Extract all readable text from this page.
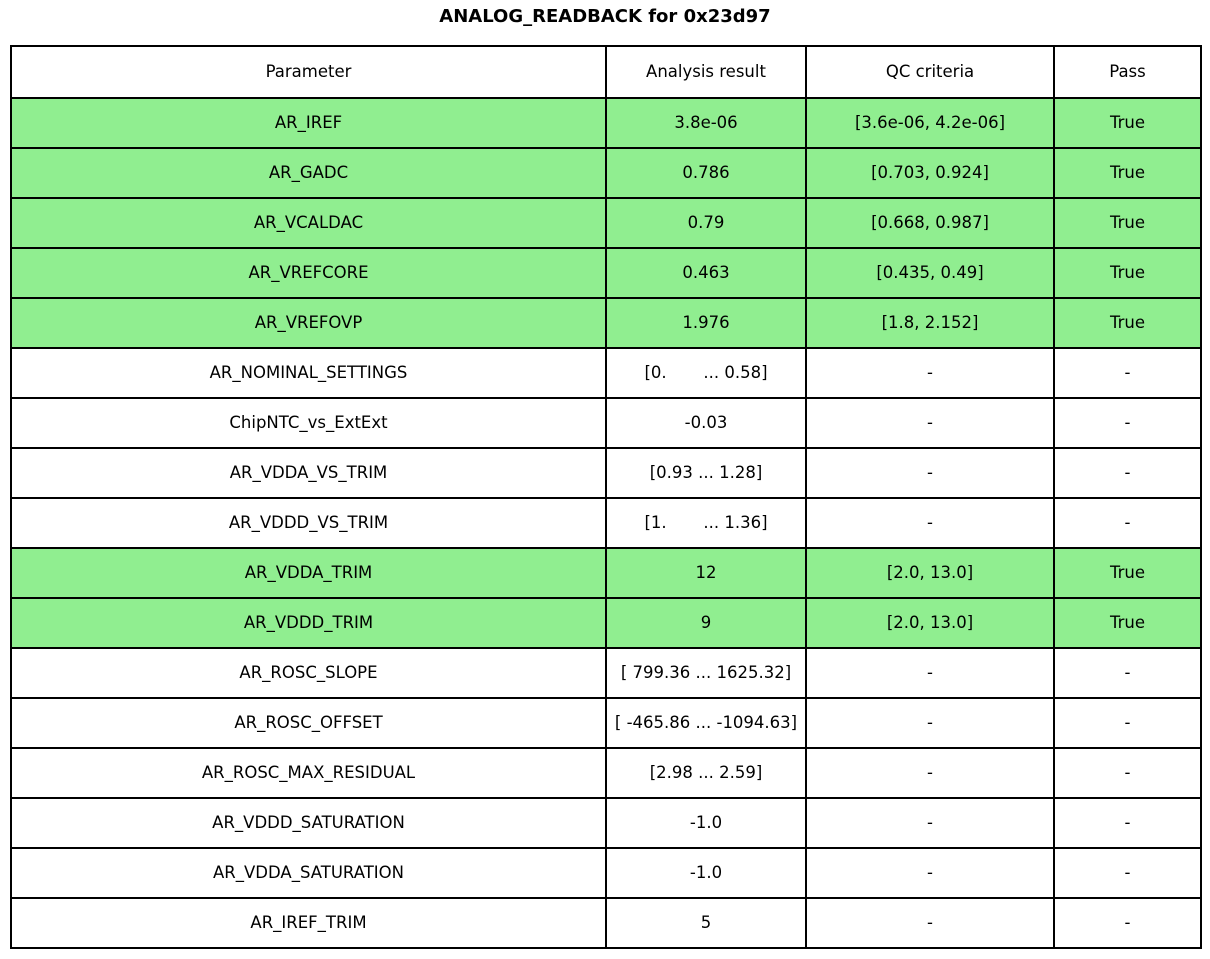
ANALOG_READBACK for 0x23d97
Parameter	Analysis result	QC criteria	Pass

AR_IREF	3.8e-06	[3.6e-06, 4.2e-06]	True

AR_GADC	0.786	[0.703, 0.924]	True

AR_VCALDAC	0.79	[0.668, 0.987]	True

AR_VREFCORE	0.463	[0.435, 0.49]	True

AR_VREFOVP	1.976	[1.8, 2.152]	True

AR_NOMINAL_SETTINGS	[0.       ... 0.58]	-	-

ChipNTC_vs_ExtExt	-0.03	-	-

AR_VDDA_VS_TRIM	[0.93 ... 1.28]	-	-

AR_VDDD_VS_TRIM	[1.       ... 1.36]	-	-

AR_VDDA_TRIM	12	[2.0, 13.0]	True

AR_VDDD_TRIM	9	[2.0, 13.0]	True

AR_ROSC_SLOPE	[ 799.36 ... 1625.32]	-	-

AR_ROSC_OFFSET	[ -465.86 ... -1094.63]	-	-

AR_ROSC_MAX_RESIDUAL	[2.98 ... 2.59]	-	-

AR_VDDD_SATURATION	-1.0	-	-

AR_VDDA_SATURATION	-1.0	-	-

AR_IREF_TRIM	5	-	-
